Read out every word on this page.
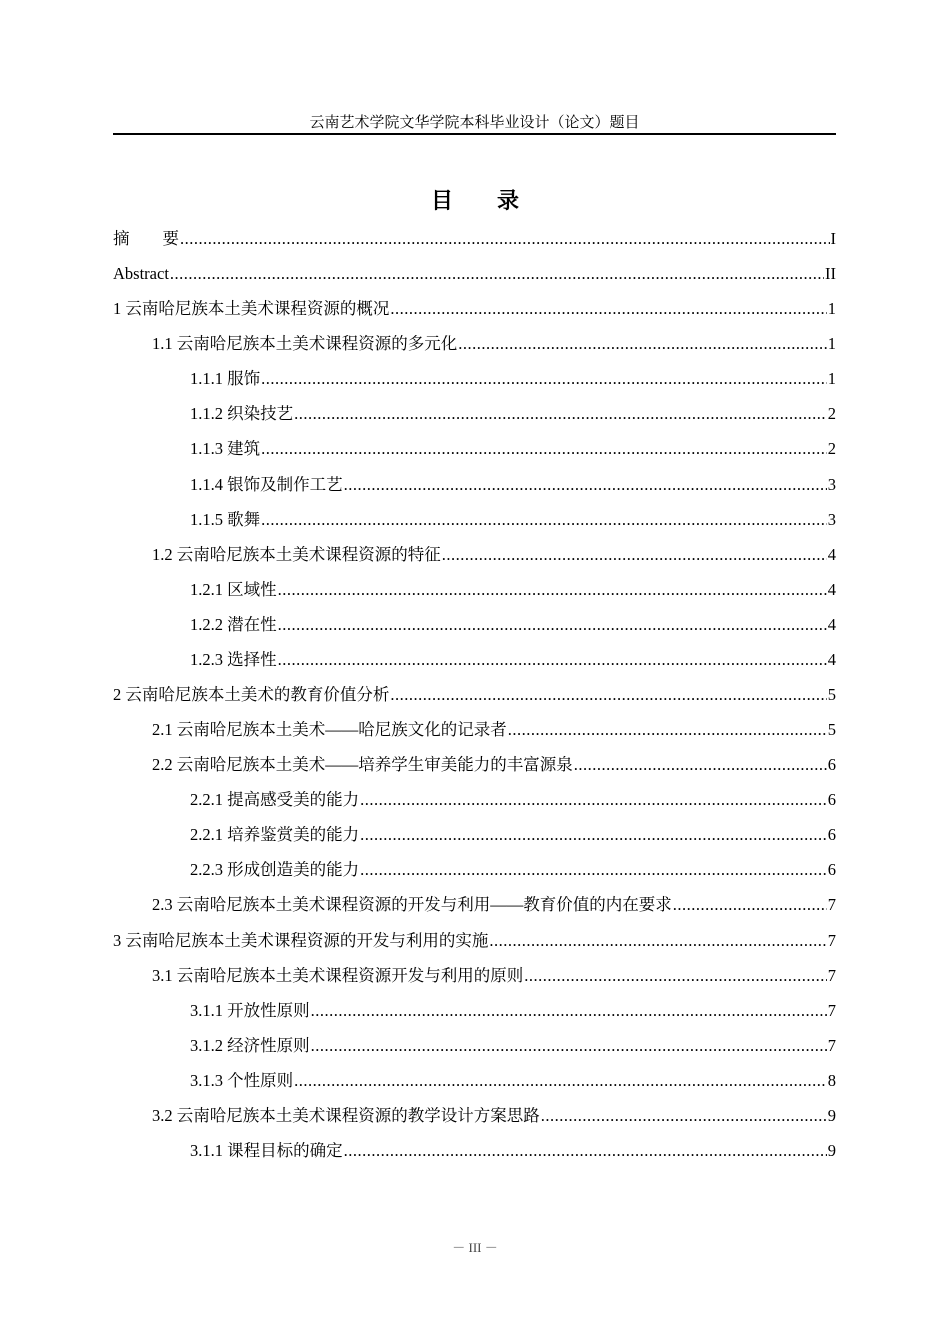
云南艺术学院文华学院本科毕业设计（论文）题目
目 录
摘　　要 .....	I
Abstract .....	II
1 云南哈尼族本土美术课程资源的概况 .....	1
1.1 云南哈尼族本土美术课程资源的多元化 .....	1
1.1.1 服饰 .....	1
1.1.2 织染技艺 .....	2
1.1.3 建筑 .....	2
1.1.4 银饰及制作工艺 .....	3
1.1.5 歌舞 .....	3
1.2 云南哈尼族本土美术课程资源的特征 .....	4
1.2.1 区域性 .....	4
1.2.2 潜在性 .....	4
1.2.3 选择性 .....	4
2 云南哈尼族本土美术的教育价值分析 .....	5
2.1 云南哈尼族本土美术——哈尼族文化的记录者 .....	5
2.2 云南哈尼族本土美术——培养学生审美能力的丰富源泉 .....	6
2.2.1 提高感受美的能力 .....	6
2.2.1 培养鉴赏美的能力 .....	6
2.2.3 形成创造美的能力 .....	6
2.3 云南哈尼族本土美术课程资源的开发与利用——教育价值的内在要求 .....	7
3 云南哈尼族本土美术课程资源的开发与利用的实施 .....	7
3.1 云南哈尼族本土美术课程资源开发与利用的原则 .....	7
3.1.1 开放性原则 .....	7
3.1.2 经济性原则 .....	7
3.1.3 个性原则 .....	8
3.2 云南哈尼族本土美术课程资源的教学设计方案思路 .....	9
3.1.1 课程目标的确定 .....	9
－ III －
